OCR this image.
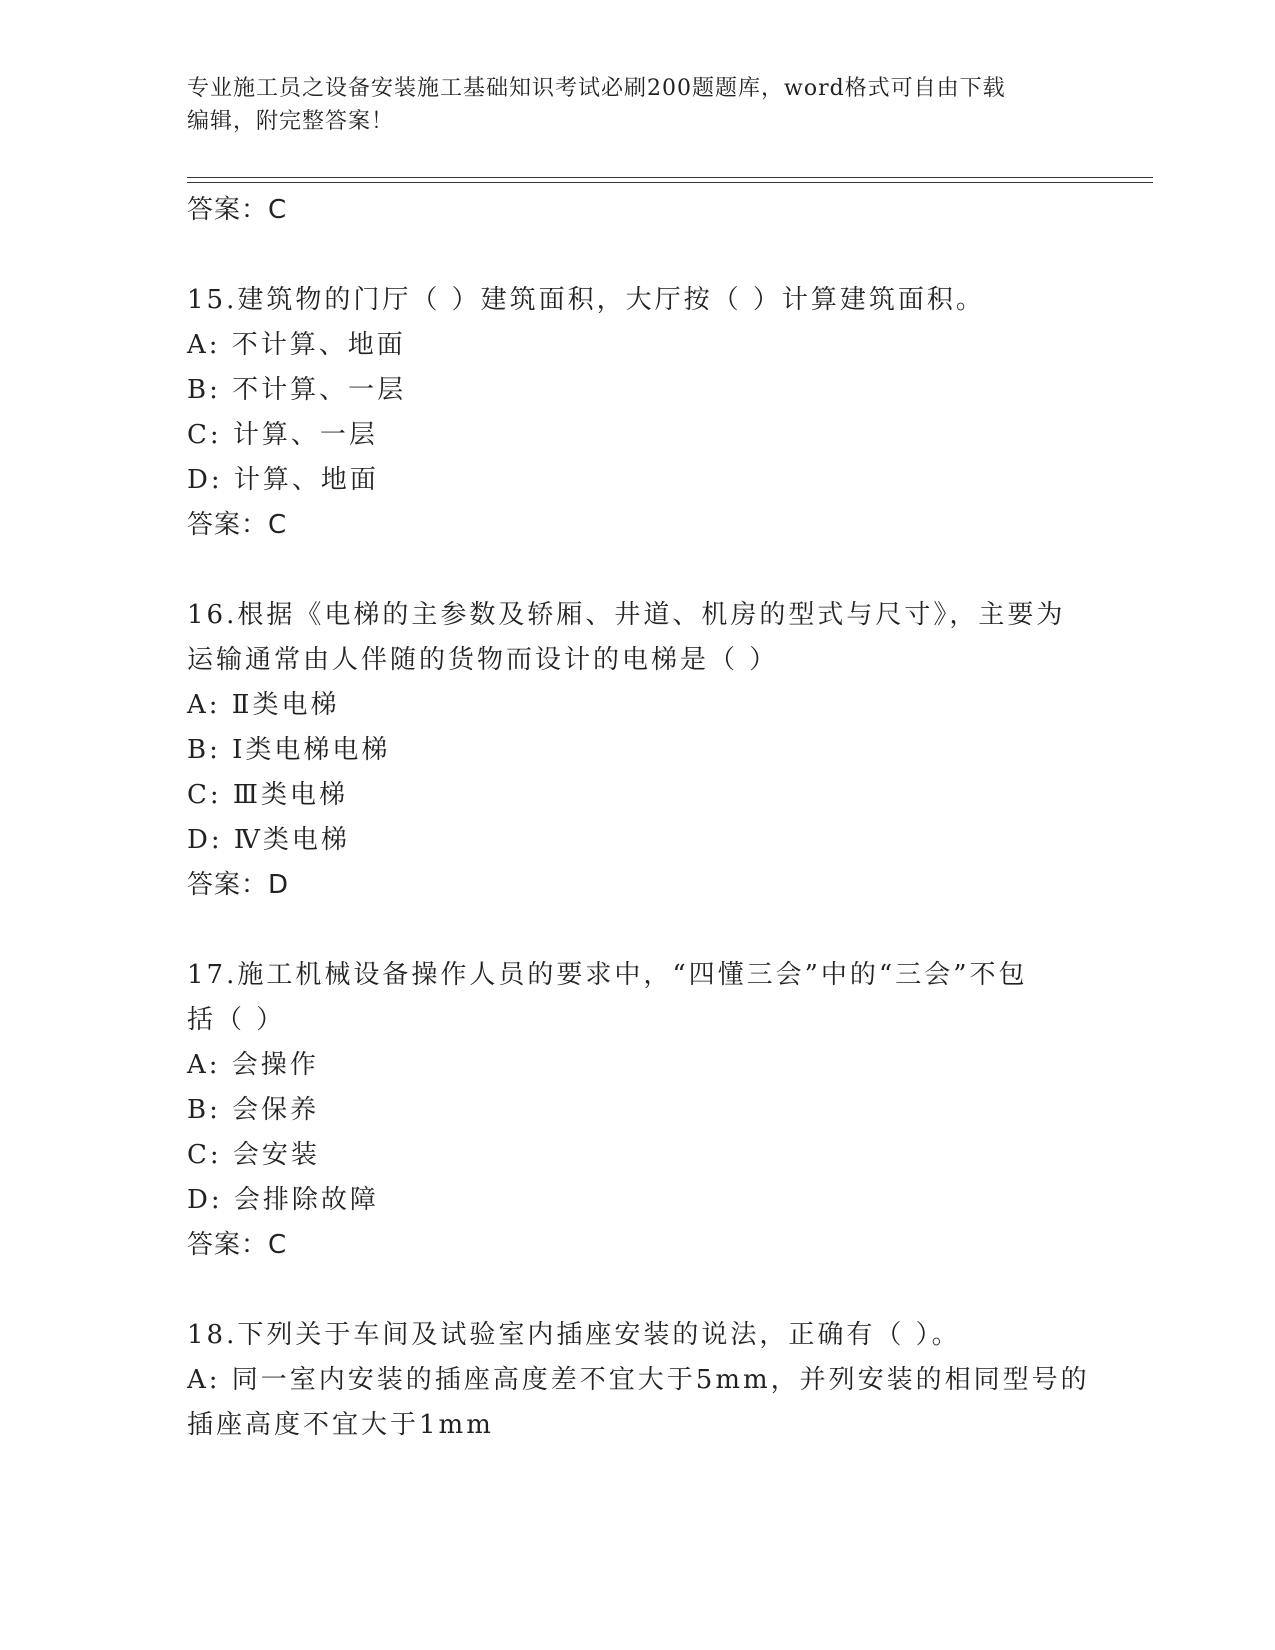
专业施工员之设备安装施工基础知识考试必刷200题题库，word格式可自由下载
编辑，附完整答案！
答案：C
15.建筑物的门厅（ ）建筑面积，大厅按（ ）计算建筑面积。
A: 不计算、地面
B: 不计算、一层
C: 计算、一层
D: 计算、地面
答案：C
16.根据《电梯的主参数及轿厢、井道、机房的型式与尺寸》，主要为
运输通常由人伴随的货物而设计的电梯是（ ）
A: Ⅱ类电梯
B: Ⅰ类电梯电梯
C: Ⅲ类电梯
D: Ⅳ类电梯
答案：D
17.施工机械设备操作人员的要求中，“四懂三会”中的“三会”不包
括（ ）
A: 会操作
B: 会保养
C: 会安装
D: 会排除故障
答案：C
18.下列关于车间及试验室内插座安装的说法，正确有（ ）。
A: 同一室内安装的插座高度差不宜大于5mm，并列安装的相同型号的
插座高度不宜大于1mm
